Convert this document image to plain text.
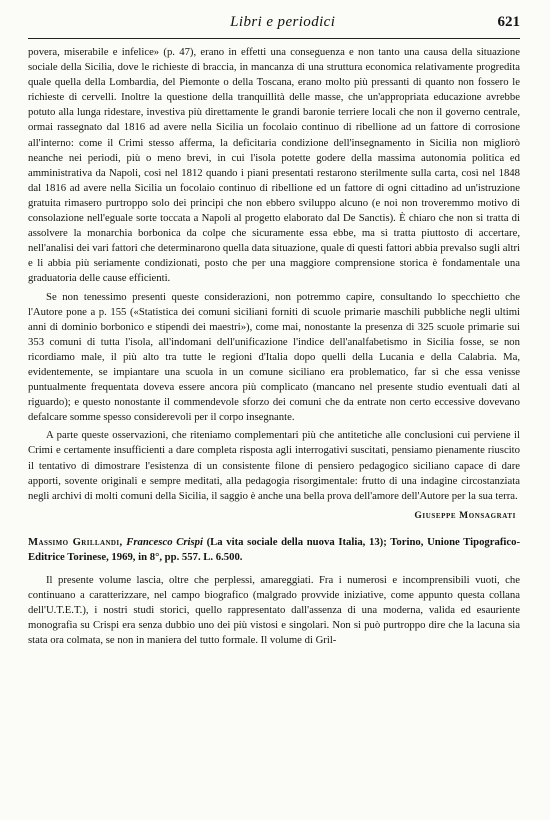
Libri e periodici	621

povera, miserabile e infelice» (p. 47), erano in effetti una conseguenza e non tanto una causa della situazione sociale della Sicilia, dove le richieste di braccia, in mancanza di una struttura economica relativamente progredita quale quella della Lombardia, del Piemonte o della Toscana, erano molto più pressanti di quanto non fossero le richieste di cervelli. Inoltre la questione della tranquillità delle masse, che un'appropriata educazione avrebbe potuto alla lunga ridestare, investiva più direttamente le grandi baronie terriere locali che non il governo centrale, ormai rassegnato dal 1816 ad avere nella Sicilia un focolaio continuo di ribellione ad un fattore di corrosione all'interno: come il Crimi stesso afferma, la deficitaria condizione dell'insegnamento in Sicilia non migliorò neanche nei periodi, più o meno brevi, in cui l'isola potette godere della massima autonomia politica ed amministrativa da Napoli, così nel 1812 quando i piani presentati restarono sterilmente sulla carta, così nel 1848 dal 1816 ad avere nella Sicilia un focolaio continuo di ribellione ed un fattore di ogni cittadino ad un'istruzione gratuita rimasero purtroppo solo dei principi che non ebbero sviluppo alcuno (e noi non troveremmo motivo di consolazione nell'eguale sorte toccata a Napoli al progetto elaborato dal De Sanctis). È chiaro che non si tratta di assolvere la monarchia borbonica da colpe che sicuramente essa ebbe, ma si tratta piuttosto di accertare, nell'analisi dei vari fattori che determinarono quella data situazione, quale di questi fattori abbia prevalso sugli altri e li abbia più seriamente condizionati, posto che per una maggiore comprensione storica è fondamentale una graduatoria delle cause efficienti.

Se non tenessimo presenti queste considerazioni, non potremmo capire, consultando lo specchietto che l'Autore pone a p. 155 («Statistica dei comuni siciliani forniti di scuole primarie maschili pubbliche negli ultimi anni di dominio borbonico e stipendi dei maestri»), come mai, nonostante la presenza di 325 scuole primarie sui 353 comuni di tutta l'isola, all'indomani dell'unificazione l'indice dell'analfabetismo in Sicilia fosse, se non ricordiamo male, il più alto tra tutte le regioni d'Italia dopo quelli della Lucania e della Calabria. Ma, evidentemente, se impiantare una scuola in un comune siciliano era problematico, far sì che essa venisse puntualmente frequentata doveva essere ancora più complicato (mancano nel presente studio eventuali dati al riguardo); e questo nonostante il commendevole sforzo dei comuni che da entrate non certo eccessive dovevano defalcare somme spesso considerevoli per il corpo insegnante.

A parte queste osservazioni, che riteniamo complementari più che antitetiche alle conclusioni cui perviene il Crimi e certamente insufficienti a dare completa risposta agli interrogativi suscitati, pensiamo pienamente riuscito il tentativo di dimostrare l'esistenza di un consistente filone di pensiero pedagogico siciliano capace di dare apporti, sovente originali e sempre meditati, alla pedagogia risorgimentale: frutto di una indagine circostanziata negli archivi di molti comuni della Sicilia, il saggio è anche una bella prova dell'amore dell'Autore per la sua terra.

Giuseppe Monsagrati

Massimo Grillandi, Francesco Crispi (La vita sociale della nuova Italia, 13); Torino, Unione Tipografico-Editrice Torinese, 1969, in 8°, pp. 557. L. 6.500.

Il presente volume lascia, oltre che perplessi, amareggiati. Fra i numerosi e incomprensibili vuoti, che continuano a caratterizzare, nel campo biografico (malgrado provvide iniziative, come appunto questa collana dell'U.T.E.T.), i nostri studi storici, quello rappresentato dall'assenza di una moderna, valida ed esauriente monografia su Crispi era senza dubbio uno dei più vistosi e singolari. Non si può purtroppo dire che la lacuna sia stata ora colmata, se non in maniera del tutto formale. Il volume di Gril-
